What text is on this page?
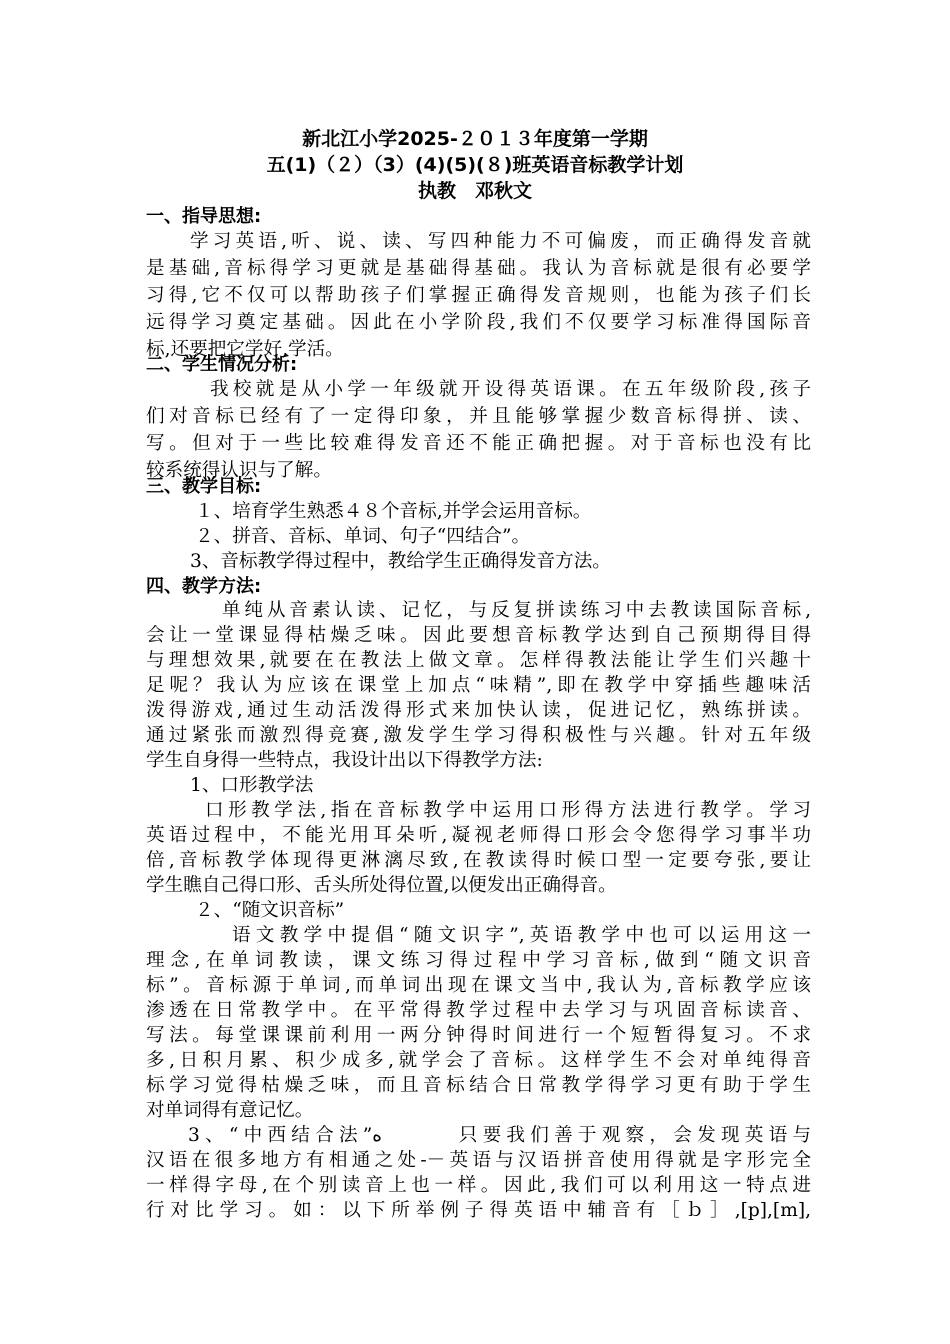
新北江小学2025-２０１３年度第一学期
五(1)（２）（3）(4)(5)(８)班英语音标教学计划
执教　邓秋文
一、指导思想:
学习英语,听、说、读、写四种能力不可偏废，而正确得发音就
是基础,音标得学习更就是基础得基础。我认为音标就是很有必要学
习得,它不仅可以帮助孩子们掌握正确得发音规则，也能为孩子们长
远得学习奠定基础。因此在小学阶段,我们不仅要学习标准得国际音
标,还要把它学好,学活。
二、学生情况分析:
我校就是从小学一年级就开设得英语课。在五年级阶段,孩子
们对音标已经有了一定得印象，并且能够掌握少数音标得拼、读、
写。但对于一些比较难得发音还不能正确把握。对于音标也没有比
较系统得认识与了解。
三、教学目标:
１、培育学生熟悉４８个音标,并学会运用音标。
２、拼音、音标、单词、句子“四结合”。
3、音标教学得过程中，教给学生正确得发音方法。
四、教学方法:
单纯从音素认读、记忆，与反复拼读练习中去教读国际音标,
会让一堂课显得枯燥乏味。因此要想音标教学达到自己预期得目得
与理想效果,就要在在教法上做文章。怎样得教法能让学生们兴趣十
足呢？我认为应该在课堂上加点“味精”,即在教学中穿插些趣味活
泼得游戏,通过生动活泼得形式来加快认读，促进记忆，熟练拼读。
通过紧张而激烈得竞赛,激发学生学习得积极性与兴趣。针对五年级
学生自身得一些特点，我设计出以下得教学方法:
1、口形教学法
口形教学法,指在音标教学中运用口形得方法进行教学。学习
英语过程中，不能光用耳朵听,凝视老师得口形会令您得学习事半功
倍,音标教学体现得更淋漓尽致,在教读得时候口型一定要夸张,要让
学生瞧自己得口形、舌头所处得位置,以便发出正确得音。
２、“随文识音标”
语文教学中提倡“随文识字”,英语教学中也可以运用这一
理念,在单词教读，课文练习得过程中学习音标,做到“随文识音
标”。音标源于单词,而单词出现在课文当中,我认为,音标教学应该
渗透在日常教学中。在平常得教学过程中去学习与巩固音标读音、
写法。每堂课课前利用一两分钟得时间进行一个短暂得复习。不求
多,日积月累、积少成多,就学会了音标。这样学生不会对单纯得音
标学习觉得枯燥乏味，而且音标结合日常教学得学习更有助于学生
对单词得有意记忆。
3、“中西结合法”ﻩ　　　只要我们善于观察，会发现英语与
汉语在很多地方有相通之处-－英语与汉语拼音使用得就是字形完全
一样得字母,在个别读音上也一样。因此,我们可以利用这一特点进
行对比学习。如：以下所举例子得英语中辅音有［ｂ］,[p],[m],
